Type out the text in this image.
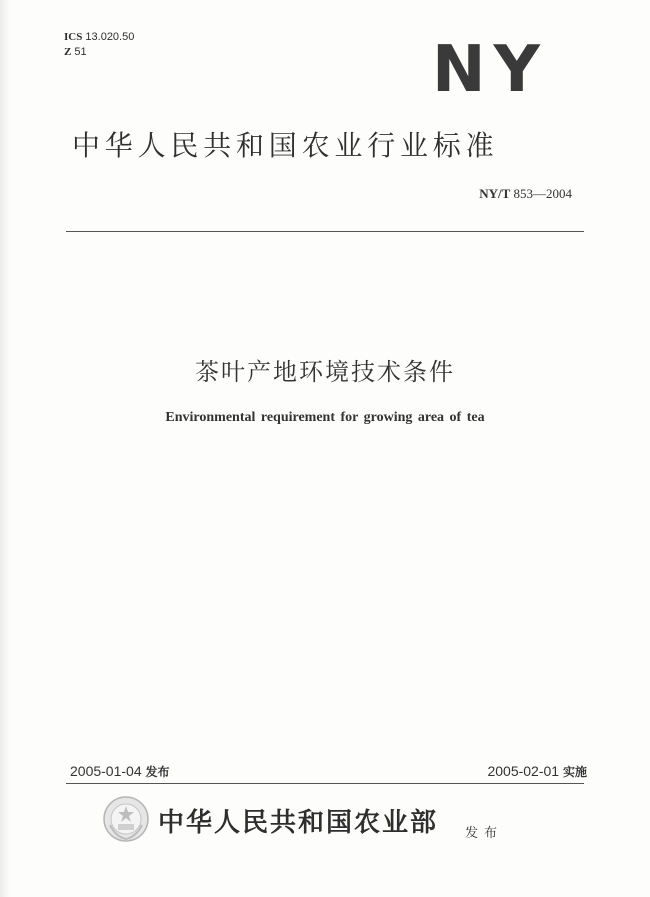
ICS 13.020.50
Z 51	NY
中华人民共和国农业行业标准
NY/T 853—2004
茶叶产地环境技术条件
Environmental requirement for growing area of tea
2005-01-04 发布	2005-02-01 实施
中华人民共和国农业部 发布
